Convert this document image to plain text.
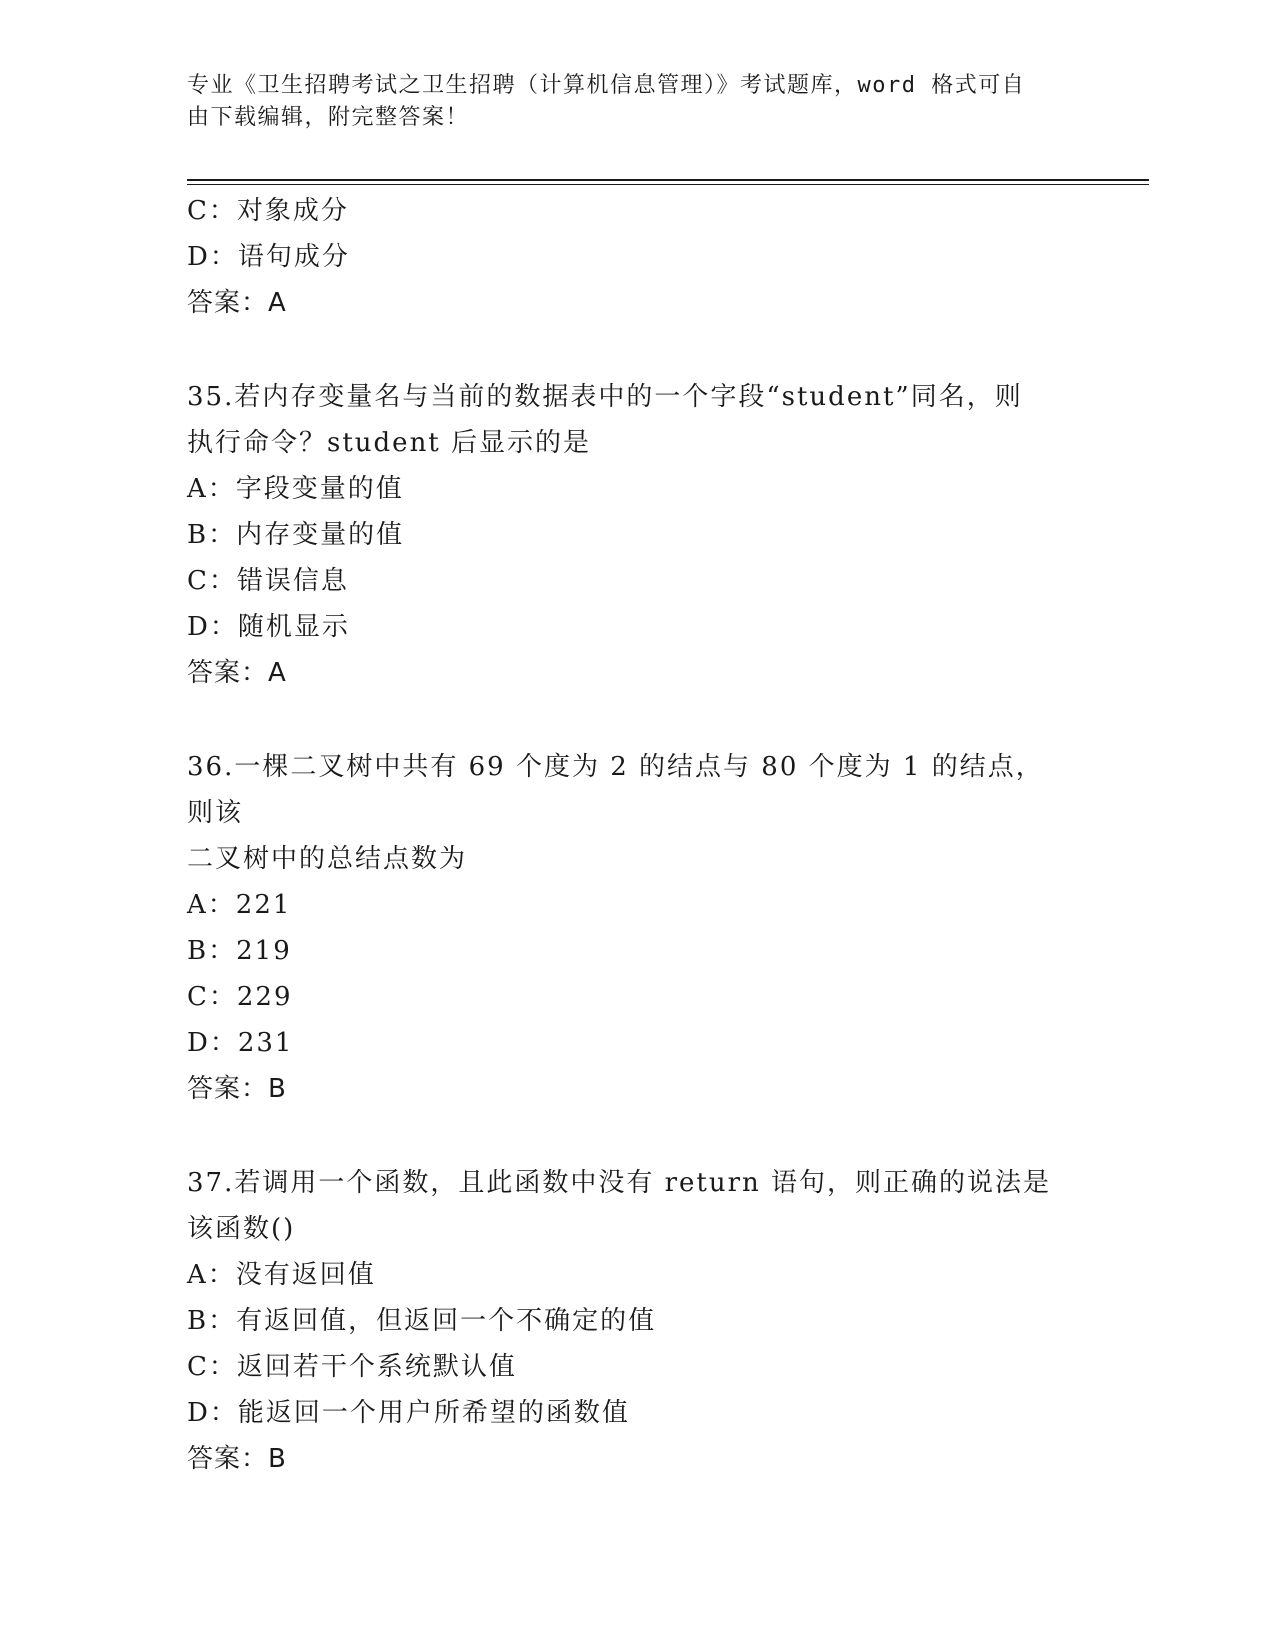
专业《卫生招聘考试之卫生招聘（计算机信息管理）》考试题库，word 格式可自
由下载编辑，附完整答案！
C：对象成分
D：语句成分
答案：A
35.若内存变量名与当前的数据表中的一个字段“student”同名，则
执行命令？student 后显示的是
A：字段变量的值
B：内存变量的值
C：错误信息
D：随机显示
答案：A
36.一棵二叉树中共有 69 个度为 2 的结点与 80 个度为 1 的结点，则该
二叉树中的总结点数为
A：221
B：219
C：229
D：231
答案：B
37.若调用一个函数，且此函数中没有 return 语句，则正确的说法是
该函数()
A：没有返回值
B：有返回值，但返回一个不确定的值
C：返回若干个系统默认值
D：能返回一个用户所希望的函数值
答案：B
